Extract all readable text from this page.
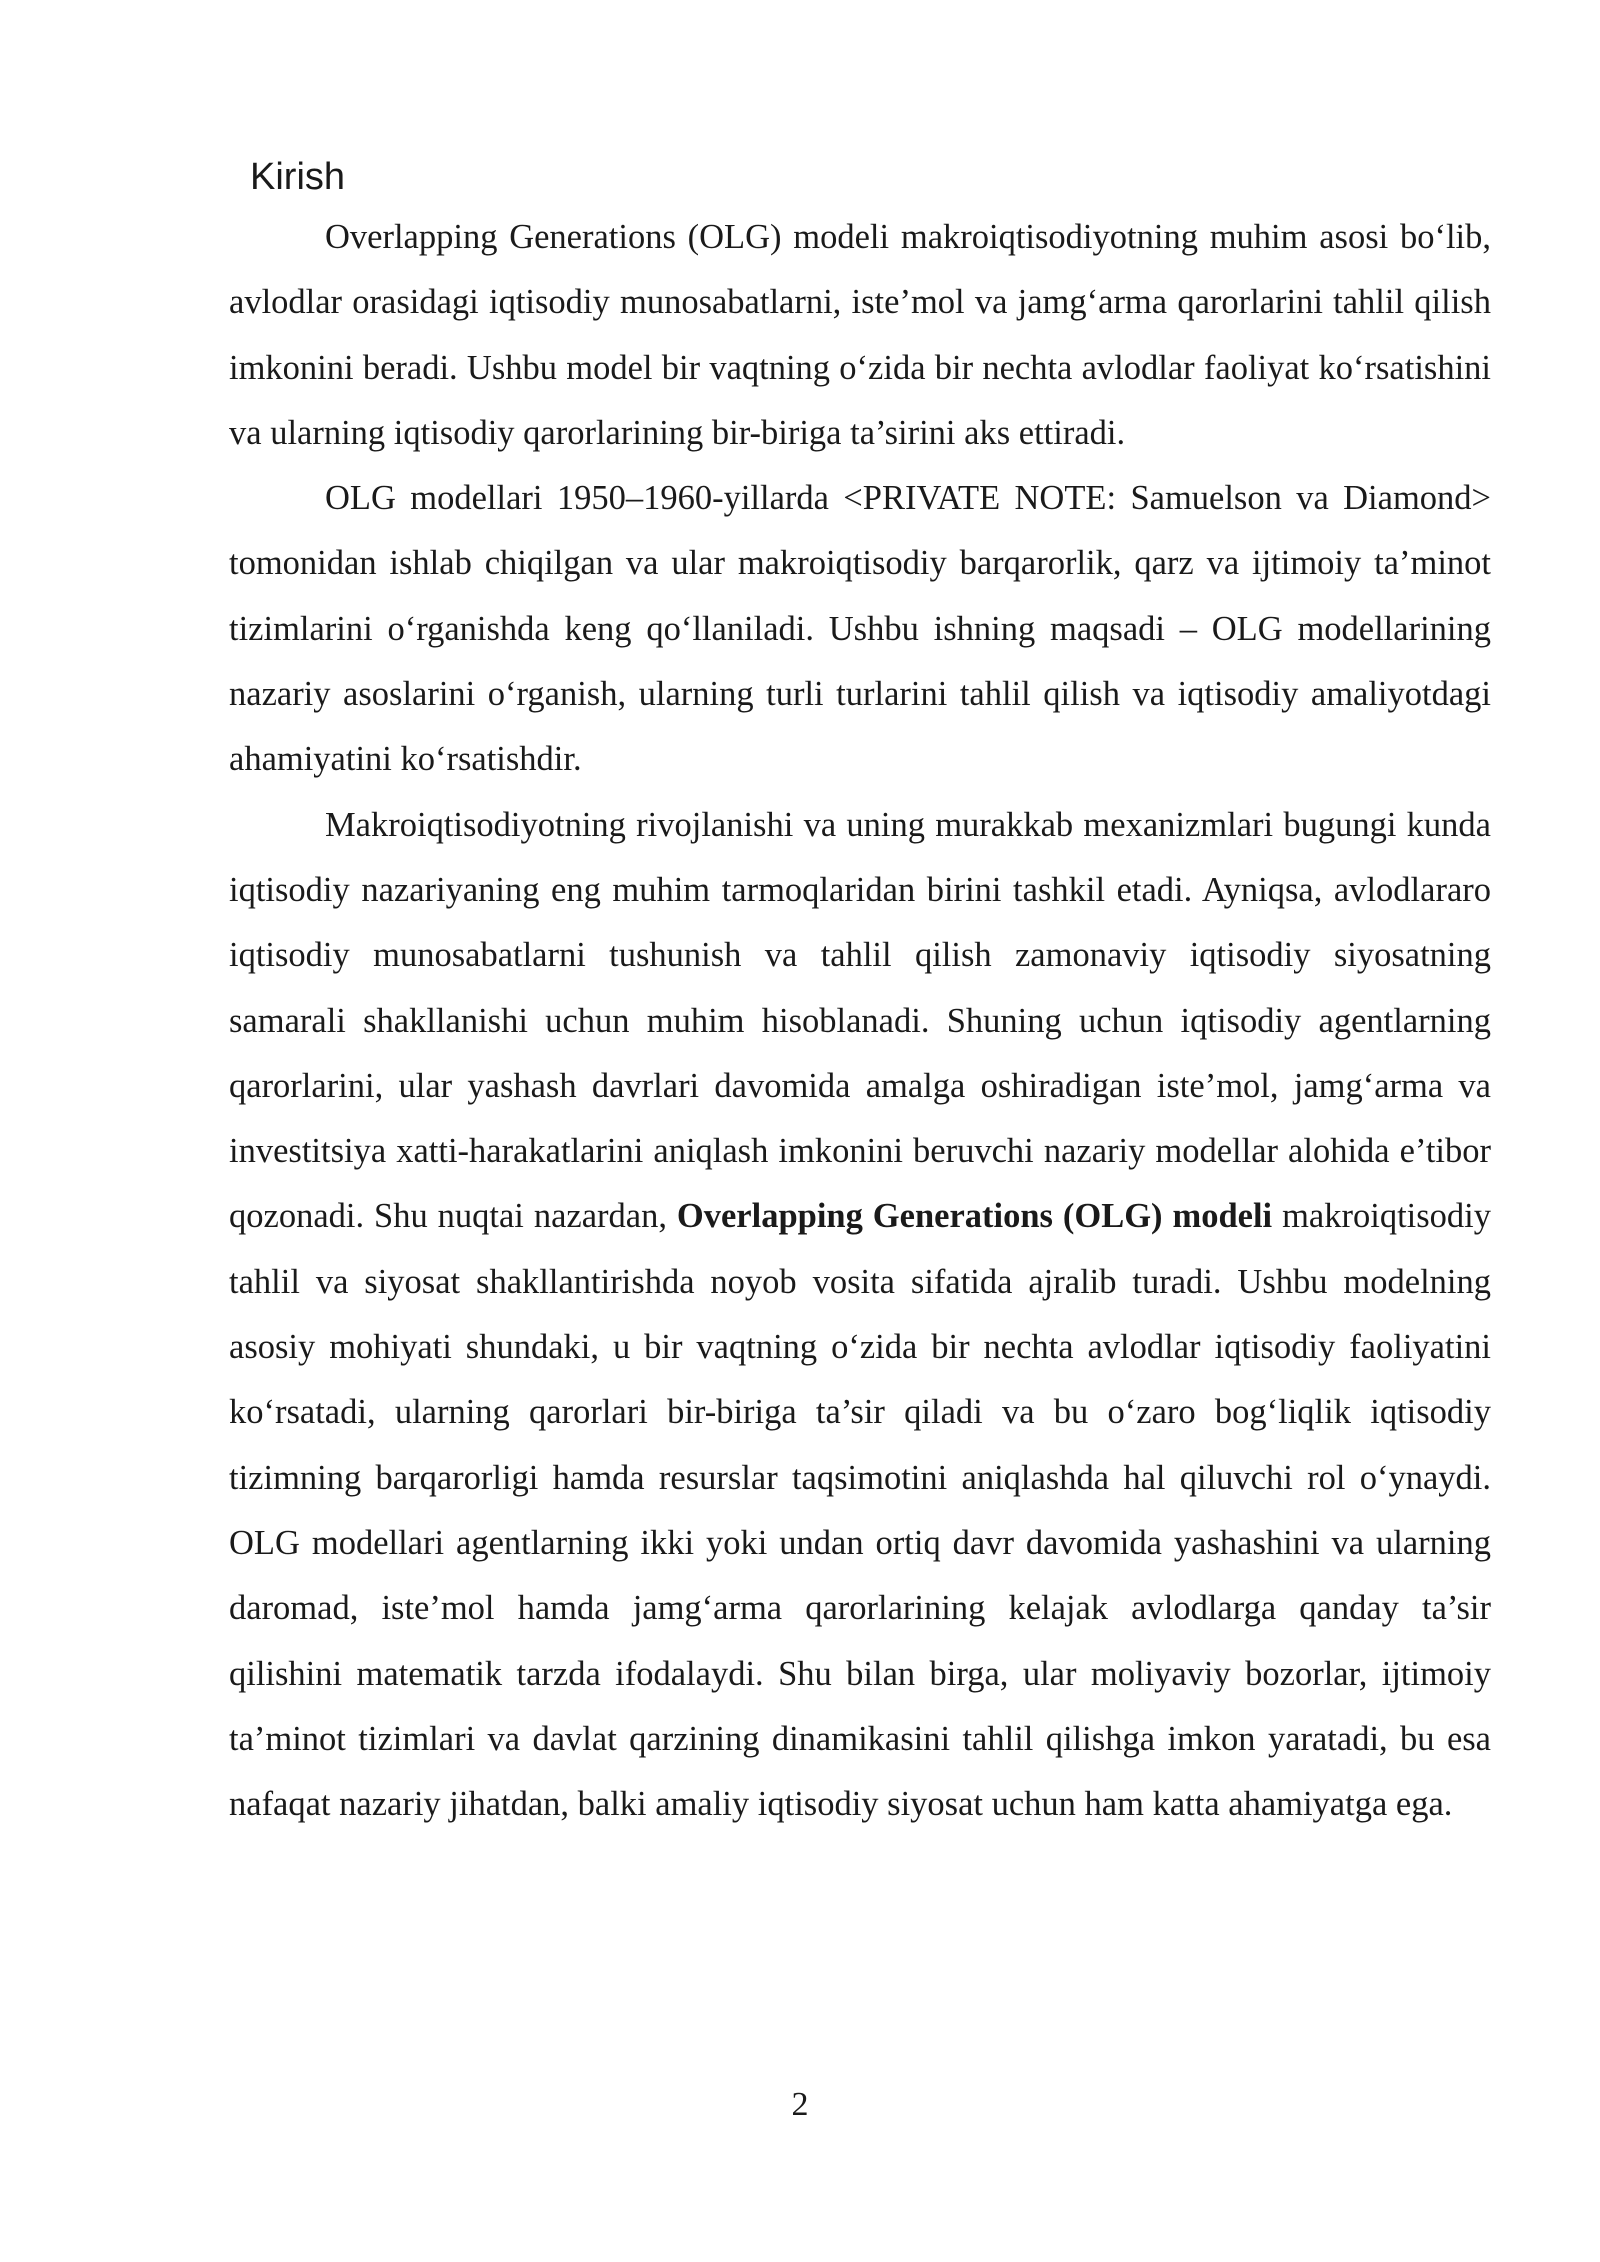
Kirish

Overlapping Generations (OLG) modeli makroiqtisodiyotning muhim asosi bo‘lib, avlodlar orasidagi iqtisodiy munosabatlarni, iste’mol va jamg‘arma qarorlarini tahlil qilish imkonini beradi. Ushbu model bir vaqtning o‘zida bir nechta avlodlar faoliyat ko‘rsatishini va ularning iqtisodiy qarorlarining bir-biriga ta’sirini aks ettiradi.

OLG modellari 1950–1960-yillarda <PRIVATE NOTE: Samuelson va Diamond> tomonidan ishlab chiqilgan va ular makroiqtisodiy barqarorlik, qarz va ijtimoiy ta’minot tizimlarini o‘rganishda keng qo‘llaniladi. Ushbu ishning maqsadi – OLG modellarining nazariy asoslarini o‘rganish, ularning turli turlarini tahlil qilish va iqtisodiy amaliyotdagi ahamiyatini ko‘rsatishdir.

Makroiqtisodiyotning rivojlanishi va uning murakkab mexanizmlari bugungi kunda iqtisodiy nazariyaning eng muhim tarmoqlaridan birini tashkil etadi. Ayniqsa, avlodlararo iqtisodiy munosabatlarni tushunish va tahlil qilish zamonaviy iqtisodiy siyosatning samarali shakllanishi uchun muhim hisoblanadi. Shuning uchun iqtisodiy agentlarning qarorlarini, ular yashash davrlari davomida amalga oshiradigan iste’mol, jamg‘arma va investitsiya xatti-harakatlarini aniqlash imkonini beruvchi nazariy modellar alohida e’tibor qozonadi. Shu nuqtai nazardan, Overlapping Generations (OLG) modeli makroiqtisodiy tahlil va siyosat shakllantirishda noyob vosita sifatida ajralib turadi. Ushbu modelning asosiy mohiyati shundaki, u bir vaqtning o‘zida bir nechta avlodlar iqtisodiy faoliyatini ko‘rsatadi, ularning qarorlari bir-biriga ta’sir qiladi va bu o‘zaro bog‘liqlik iqtisodiy tizimning barqarorligi hamda resurslar taqsimotini aniqlashda hal qiluvchi rol o‘ynaydi. OLG modellari agentlarning ikki yoki undan ortiq davr davomida yashashini va ularning daromad, iste’mol hamda jamg‘arma qarorlarining kelajak avlodlarga qanday ta’sir qilishini matematik tarzda ifodalaydi. Shu bilan birga, ular moliyaviy bozorlar, ijtimoiy ta’minot tizimlari va davlat qarzining dinamikasini tahlil qilishga imkon yaratadi, bu esa nafaqat nazariy jihatdan, balki amaliy iqtisodiy siyosat uchun ham katta ahamiyatga ega.

2
